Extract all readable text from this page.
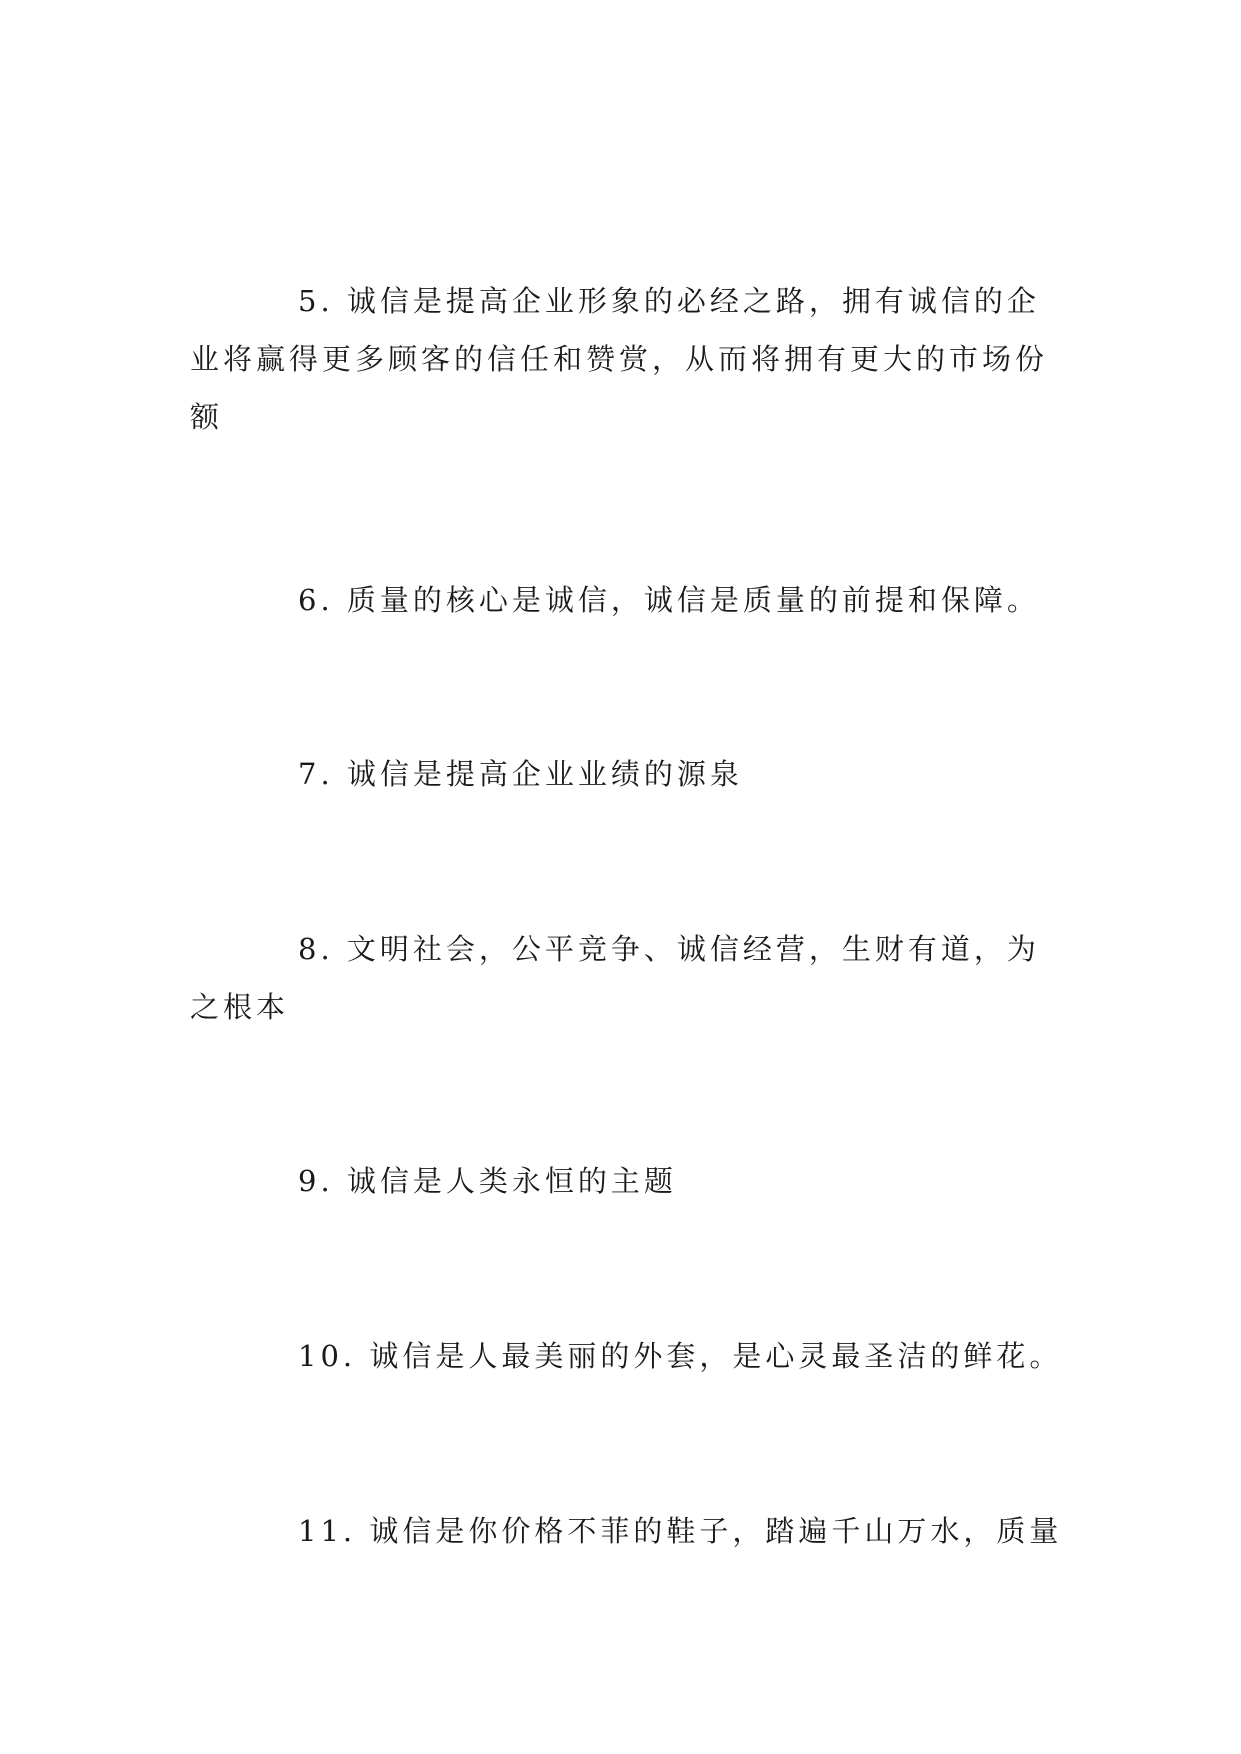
5. 诚信是提高企业形象的必经之路，拥有诚信的企业将赢得更多顾客的信任和赞赏，从而将拥有更大的市场份额

6. 质量的核心是诚信，诚信是质量的前提和保障。

7. 诚信是提高企业业绩的源泉

8. 文明社会，公平竞争、诚信经营，生财有道，为之根本

9. 诚信是人类永恒的主题

10. 诚信是人最美丽的外套，是心灵最圣洁的鲜花。

11. 诚信是你价格不菲的鞋子，踏遍千山万水，质量
